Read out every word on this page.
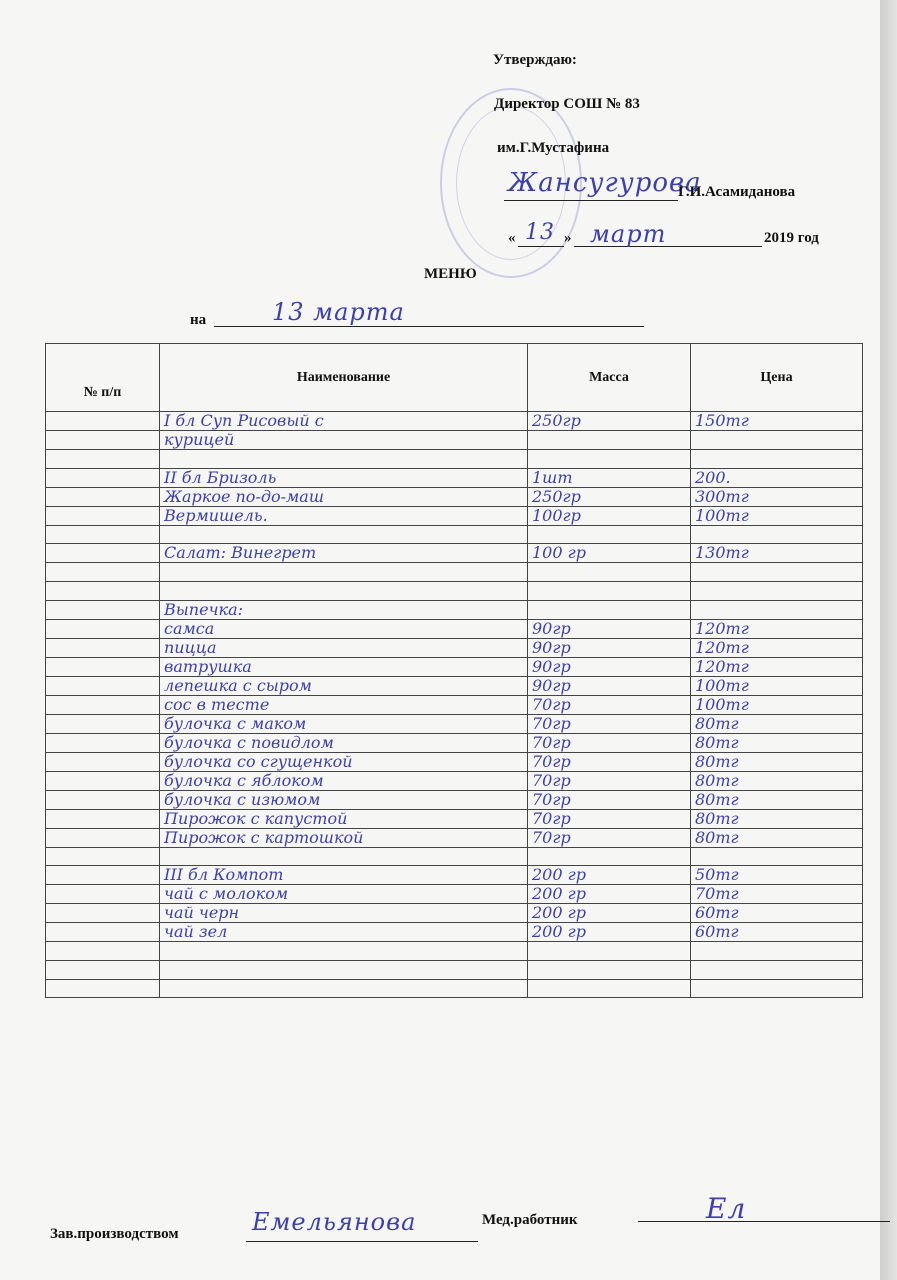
Утверждаю:
Директор СОШ № 83
им.Г.Мустафина
Жансугурова
Г.И.Асамиданова
« 13 » март	2019 год
МЕНЮ
на	13 марта
№ п/п	Наименование	Масса	Цена
	I бл Суп Рисовый с	250гр	150тг
	курицей		

	II бл Бризоль	1шт	200.
	Жаркое по-до-маш	250гр	300тг
	Вермишель.	100гр	100тг

	Салат: Винегрет	100 гр	130тг

	Выпечка:		
	самса	90гр	120тг
	пицца	90гр	120тг
	ватрушка	90гр	120тг
	лепешка с сыром	90гр	100тг
	сос в тесте	70гр	100тг
	булочка с маком	70гр	80тг
	булочка с повидлом	70гр	80тг
	булочка со сгущенкой	70гр	80тг
	булочка с яблоком	70гр	80тг
	булочка с изюмом	70гр	80тг
	Пирожок с капустой	70гр	80тг
	Пирожок с картошкой	70гр	80тг

	III бл Компот	200 гр	50тг
	чай с молоком	200 гр	70тг
	чай черн	200 гр	60тг
	чай зел	200 гр	60тг

Зав.производством	Емельянова	Мед.работник	Ел
